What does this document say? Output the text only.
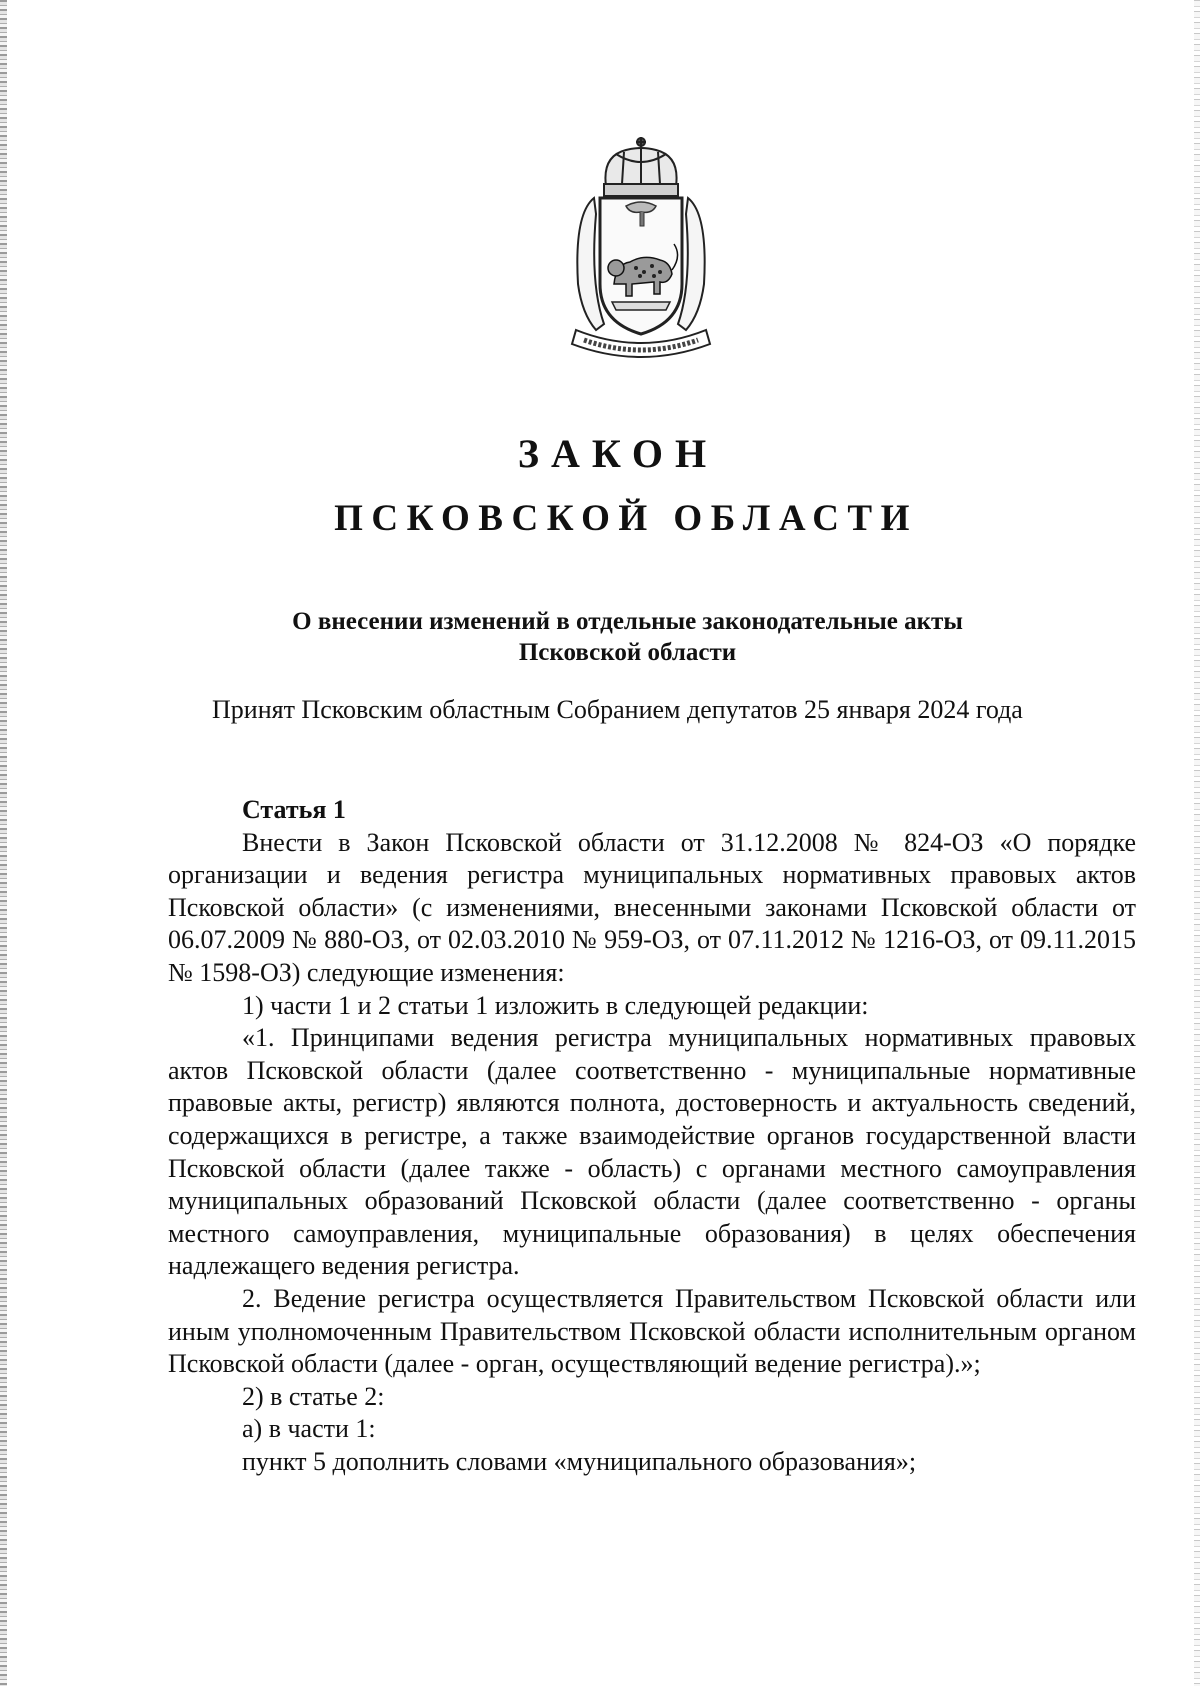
ЗАКОН
ПСКОВСКОЙ ОБЛАСТИ
О внесении изменений в отдельные законодательные акты
Псковской области
Принят Псковским областным Собранием депутатов 25 января 2024 года
Статья 1

Внести в Закон Псковской области от 31.12.2008 № 824-ОЗ «О порядке организации и ведения регистра муниципальных нормативных правовых актов Псковской области» (с изменениями, внесенными законами Псковской области от 06.07.2009 № 880-ОЗ, от 02.03.2010 № 959-ОЗ, от 07.11.2012 № 1216-ОЗ, от 09.11.2015 № 1598-ОЗ) следующие изменения:

1) части 1 и 2 статьи 1 изложить в следующей редакции:

«1. Принципами ведения регистра муниципальных нормативных правовых актов Псковской области (далее соответственно - муниципальные нормативные правовые акты, регистр) являются полнота, достоверность и актуальность сведений, содержащихся в регистре, а также взаимодействие органов государственной власти Псковской области (далее также - область) с органами местного самоуправления муниципальных образований Псковской области (далее соответственно - органы местного самоуправления, муниципальные образования) в целях обеспечения надлежащего ведения регистра.

2. Ведение регистра осуществляется Правительством Псковской области или иным уполномоченным Правительством Псковской области исполнительным органом Псковской области (далее - орган, осуществляющий ведение регистра).»;

2) в статье 2:

а) в части 1:

пункт 5 дополнить словами «муниципального образования»;
